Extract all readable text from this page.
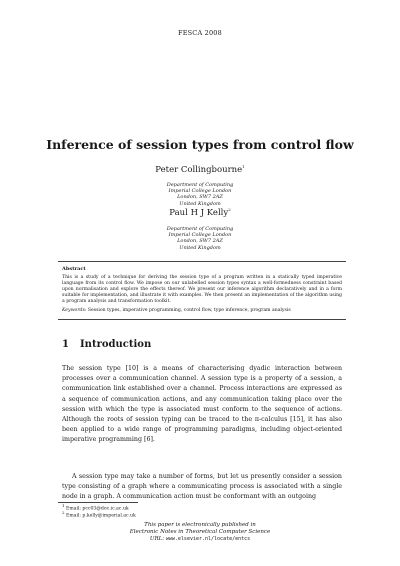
FESCA 2008
Inference of session types from control flow
Peter Collingbourne$^1$
Department of Computing
Imperial College London
London, SW7 2AZ
United Kingdom
Paul H J Kelly$^2$
Department of Computing
Imperial College London
London, SW7 2AZ
United Kingdom
Abstract
This is a study of a technique for deriving the session type of a program written in a statically typed imperative language from its control flow. We impose on our unlabelled session types syntax a well-formedness constraint based upon normalisation and explore the effects thereof. We present our inference algorithm declaratively and in a form suitable for implementation, and illustrate it with examples. We then present an implementation of the algorithm using a program analysis and transformation toolkit.
Keywords: Session types, imperative programming, control flow, type inference, program analysis
1 Introduction
The session type [10] is a means of characterising dyadic interaction between processes over a communication channel. A session type is a property of a session, a communication link established over a channel. Process interactions are expressed as a sequence of communication actions, and any communication taking place over the session with which the type is associated must conform to the sequence of actions. Although the roots of session typing can be traced to the π-calculus [15], it has also been applied to a wide range of programming paradigms, including object-oriented imperative programming [6].
A session type may take a number of forms, but let us presently consider a session type consisting of a graph where a communicating process is associated with a single node in a graph. A communication action must be conformant with an outgoing
$^1$ Email: pcc03@doc.ic.ac.uk
$^2$ Email: p.kelly@imperial.ac.uk
This paper is electronically published in
Electronic Notes in Theoretical Computer Science
URL: www.elsevier.nl/locate/entcs
